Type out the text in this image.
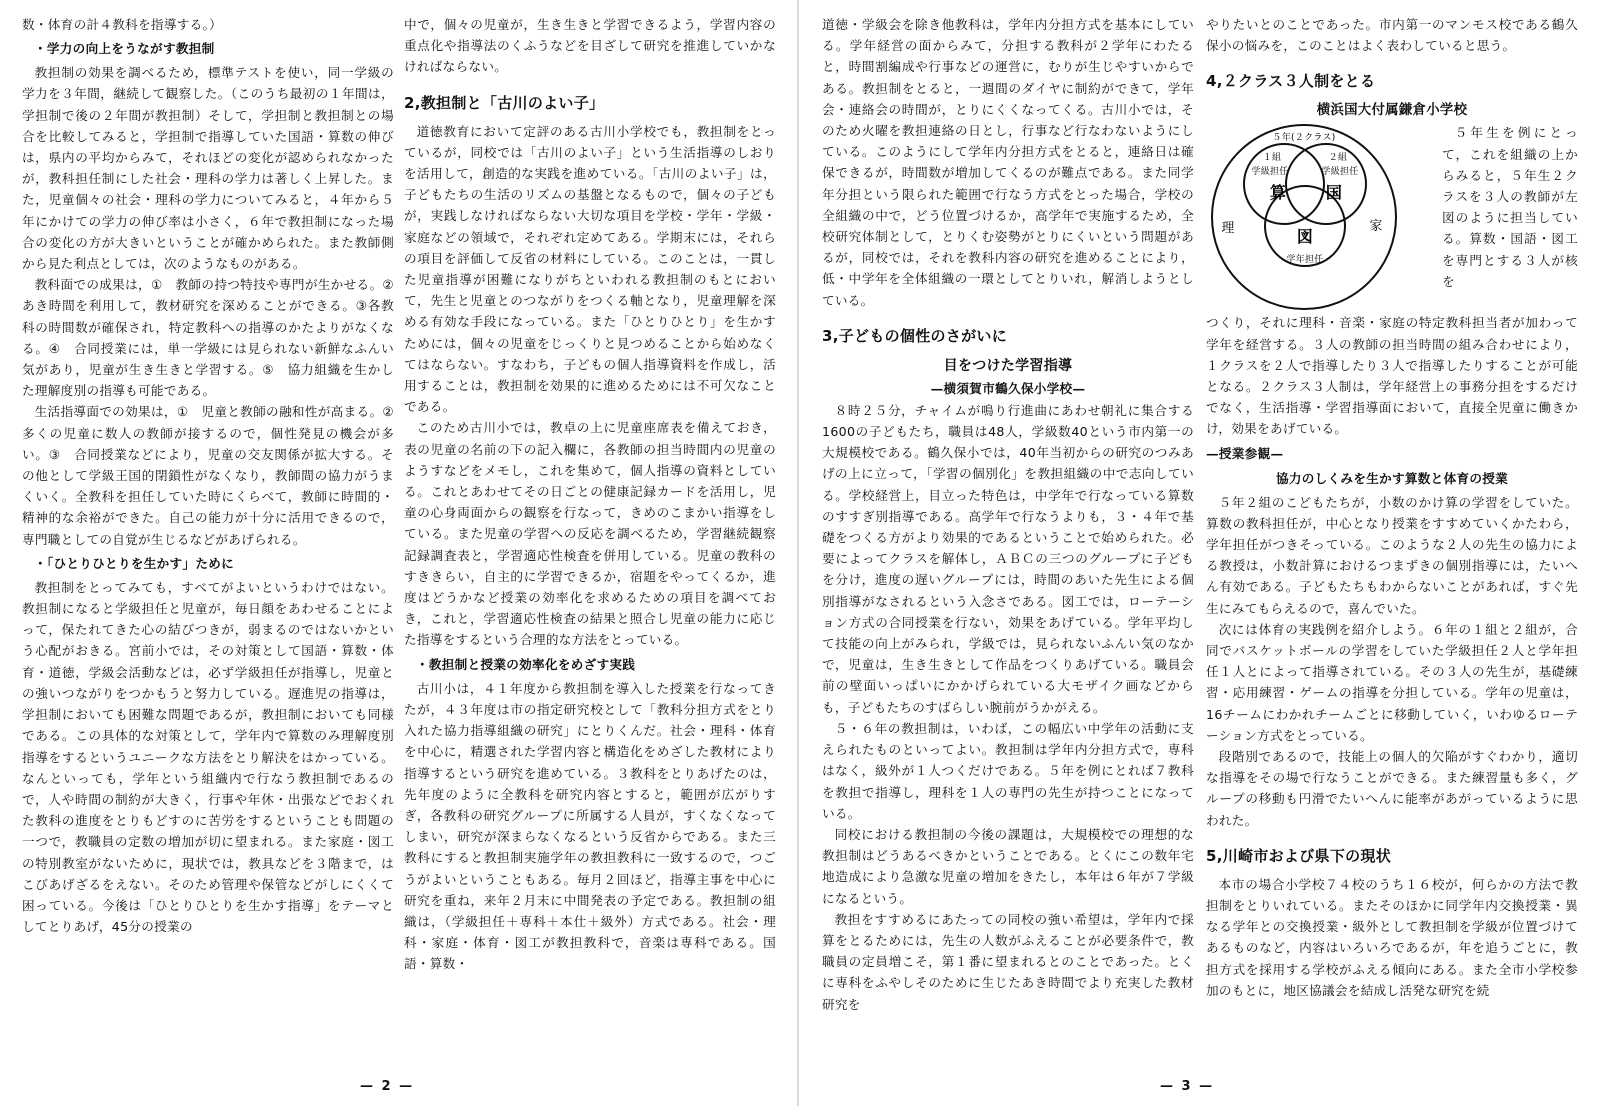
数・体育の計４教科を指導する。）

・学力の向上をうながす教担制

教担制の効果を調べるため，標準テストを使い，同一学級の学力を３年間，継続して観察した。（このうち最初の１年間は，学担制で後の２年間が教担制）そして，学担制と教担制との場合を比較してみると，学担制で指導していた国語・算数の伸びは，県内の平均からみて，それほどの変化が認められなかったが，教科担任制にした社会・理科の学力は著しく上昇した。また，児童個々の社会・理科の学力についてみると，４年から５年にかけての学力の伸び率は小さく，６年で教担制になった場合の変化の方が大きいということが確かめられた。また教師側から見た利点としては，次のようなものがある。

教科面での成果は，①　教師の持つ特技や専門が生かせる。②　あき時間を利用して，教材研究を深めることができる。③各教科の時間数が確保され，特定教科への指導のかたよりがなくなる。④　合同授業には，単一学級には見られない新鮮なふんい気があり，児童が生き生きと学習する。⑤　協力組織を生かした理解度別の指導も可能である。

生活指導面での効果は，①　児童と教師の融和性が高まる。②　多くの児童に数人の教師が接するので，個性発見の機会が多い。③　合同授業などにより，児童の交友関係が拡大する。その他として学級王国的閉鎖性がなくなり，教師間の協力がうまくいく。全教科を担任していた時にくらべて，教師に時間的・精神的な余裕ができた。自己の能力が十分に活用できるので，専門職としての自覚が生じるなどがあげられる。

・「ひとりひとりを生かす」ために

教担制をとってみても，すべてがよいというわけではない。教担制になると学級担任と児童が，毎日顔をあわせることによって，保たれてきた心の結びつきが，弱まるのではないかという心配がおきる。宮前小では，その対策として国語・算数・体育・道徳，学級会活動などは，必ず学級担任が指導し，児童との強いつながりをつかもうと努力している。遅進児の指導は，学担制においても困難な問題であるが，教担制においても同様である。この具体的な対策として，学年内で算数のみ理解度別指導をするというユニークな方法をとり解決をはかっている。なんといっても，学年という組織内で行なう教担制であるので，人や時間の制約が大きく，行事や年休・出張などでおくれた教科の進度をとりもどすのに苦労をするということも問題の一つで，教職員の定数の増加が切に望まれる。また家庭・図工の特別教室がないために，現状では，教具などを３階まで，はこびあげざるをえない。そのため管理や保管などがしにくくて困っている。今後は「ひとりひとりを生かす指導」をテーマとしてとりあげ，45分の授業の

中で，個々の児童が，生き生きと学習できるよう，学習内容の重点化や指導法のくふうなどを目ざして研究を推進していかなければならない。

2,教担制と「古川のよい子」

道徳教育において定評のある古川小学校でも，教担制をとっているが，同校では「古川のよい子」という生活指導のしおりを活用して，創造的な実践を進めている。「古川のよい子」は，子どもたちの生活のリズムの基盤となるもので，個々の子どもが，実践しなければならない大切な項目を学校・学年・学級・家庭などの領域で，それぞれ定めてある。学期末には，それらの項目を評価して反省の材料にしている。このことは，一貫した児童指導が困難になりがちといわれる教担制のもとにおいて，先生と児童とのつながりをつくる軸となり，児童理解を深める有効な手段になっている。また「ひとりひとり」を生かすためには，個々の児童をじっくりと見つめることから始めなくてはならない。すなわち，子どもの個人指導資料を作成し，活用することは，教担制を効果的に進めるためには不可欠なことである。

このため古川小では，教卓の上に児童座席表を備えておき，表の児童の名前の下の記入欄に，各教師の担当時間内の児童のようすなどをメモし，これを集めて，個人指導の資料としている。これとあわせてその日ごとの健康記録カードを活用し，児童の心身両面からの観察を行なって，きめのこまかい指導をしている。また児童の学習への反応を調べるため，学習継続観察記録調査表と，学習適応性検査を併用している。児童の教科のすききらい，自主的に学習できるか，宿題をやってくるか，進度はどうかなど授業の効率化を求めるための項目を調べておき，これと，学習適応性検査の結果と照合し児童の能力に応じた指導をするという合理的な方法をとっている。

・教担制と授業の効率化をめざす実践

古川小は，４１年度から教担制を導入した授業を行なってきたが，４３年度は市の指定研究校として「教科分担方式をとり入れた協力指導組織の研究」にとりくんだ。社会・理科・体育を中心に，精選された学習内容と構造化をめざした教材により指導するという研究を進めている。３教科をとりあげたのは，先年度のように全教科を研究内容とすると，範囲が広がりすぎ，各教科の研究グループに所属する人員が，すくなくなってしまい，研究が深まらなくなるという反省からである。また三教科にすると教担制実施学年の教担教科に一致するので，つごうがよいということもある。毎月２回ほど，指導主事を中心に研究を重ね，来年２月末に中間発表の予定である。教担制の組織は，（学級担任＋専科＋本仕＋級外）方式である。社会・理科・家庭・体育・図工が教担教科で，音楽は専科である。国語・算数・

— 2 —

道徳・学級会を除き他教科は，学年内分担方式を基本にしている。学年経営の面からみて，分担する教科が２学年にわたると，時間割編成や行事などの運営に，むりが生じやすいからである。教担制をとると，一週間のダイヤに制約ができて，学年会・連絡会の時間が，とりにくくなってくる。古川小では，そのため火曜を教担連絡の日とし，行事など行なわないようにしている。このようにして学年内分担方式をとると，連絡日は確保できるが，時間数が増加してくるのが難点である。また同学年分担という限られた範囲で行なう方式をとった場合，学校の全組織の中で，どう位置づけるか，高学年で実施するため，全校研究体制として，とりくむ姿勢がとりにくいという問題があるが，同校では，それを教科内容の研究を進めることにより，低・中学年を全体組織の一環としてとりいれ，解消しようとしている。

3,子どもの個性のさがいに
目をつけた学習指導
—横須賀市鶴久保小学校—

８時２５分，チャイムが鳴り行進曲にあわせ朝礼に集合する1600の子どもたち，職員は48人，学級数40という市内第一の大規模校である。鶴久保小では，40年当初からの研究のつみあげの上に立って，「学習の個別化」を教担組織の中で志向している。学校経営上，目立った特色は，中学年で行なっている算数のすすぎ別指導である。高学年で行なうよりも，３・４年で基礎をつくる方がより効果的であるということで始められた。必要によってクラスを解体し，ＡＢＣの三つのグループに子どもを分け，進度の遅いグループには，時間のあいた先生による個別指導がなされるという入念さである。図工では，ローテーション方式の合同授業を行ない，効果をあげている。学年平均して技能の向上がみられ，学級では，見られないふんい気のなかで，児童は，生き生きとして作品をつくりあげている。職員会前の壁面いっぱいにかかげられている大モザイク画などからも，子どもたちのすばらしい腕前がうかがえる。

５・６年の教担制は，いわば，この幅広い中学年の活動に支えられたものといってよい。教担制は学年内分担方式で，専科はなく，級外が１人つくだけである。５年を例にとれば７教科を教担で指導し，理科を１人の専門の先生が持つことになっている。

同校における教担制の今後の課題は，大規模校での理想的な教担制はどうあるべきかということである。とくにこの数年宅地造成により急激な児童の増加をきたし，本年は６年が７学級になるという。

教担をすすめるにあたっての同校の強い希望は，学年内で採算をとるためには，先生の人数がふえることが必要条件で，教職員の定員増こそ，第１番に望まれるとのことであった。とくに専科をふやしそのために生じたあき時間でより充実した教材研究を

やりたいとのことであった。市内第一のマンモス校である鶴久保小の悩みを，このことはよく表わしていると思う。

4,２クラス３人制をとる
横浜国大付属鎌倉小学校
５年(２クラス)
１組	２組
学級担任	学級担任
算 国
図
学年担任
理	家

５年生を例にとって，これを組織の上からみると，５年生２クラスを３人の教師が左図のように担当している。算数・国語・図工を専門とする３人が核を

つくり，それに理科・音楽・家庭の特定教科担当者が加わって学年を経営する。３人の教師の担当時間の組み合わせにより，１クラスを２人で指導したり３人で指導したりすることが可能となる。２クラス３人制は，学年経営上の事務分担をするだけでなく，生活指導・学習指導面において，直接全児童に働きかけ，効果をあげている。

—授業参観—
協力のしくみを生かす算数と体育の授業

５年２組のこどもたちが，小数のかけ算の学習をしていた。算数の教科担任が，中心となり授業をすすめていくかたわら，学年担任がつきそっている。このような２人の先生の協力による教授は，小数計算におけるつまずきの個別指導には，たいへん有効である。子どもたちもわからないことがあれば，すぐ先生にみてもらえるので，喜んでいた。

次には体育の実践例を紹介しよう。６年の１組と２組が，合同でバスケットボールの学習をしていた学級担任２人と学年担任１人とによって指導されている。その３人の先生が，基礎練習・応用練習・ゲームの指導を分担している。学年の児童は，16チームにわかれチームごとに移動していく，いわゆるローテーション方式をとっている。

段階別であるので，技能上の個人的欠陥がすぐわかり，適切な指導をその場で行なうことができる。また練習量も多く，グループの移動も円滑でたいへんに能率があがっているように思われた。

5,川崎市および県下の現状

本市の場合小学校７４校のうち１６校が，何らかの方法で教担制をとりいれている。またそのほかに同学年内交換授業・異なる学年との交換授業・級外として教担制を学級が位置づけてあるものなど，内容はいろいろであるが，年を追うごとに，教担方式を採用する学校がふえる傾向にある。また全市小学校参加のもとに，地区協議会を結成し活発な研究を続

— 3 —
